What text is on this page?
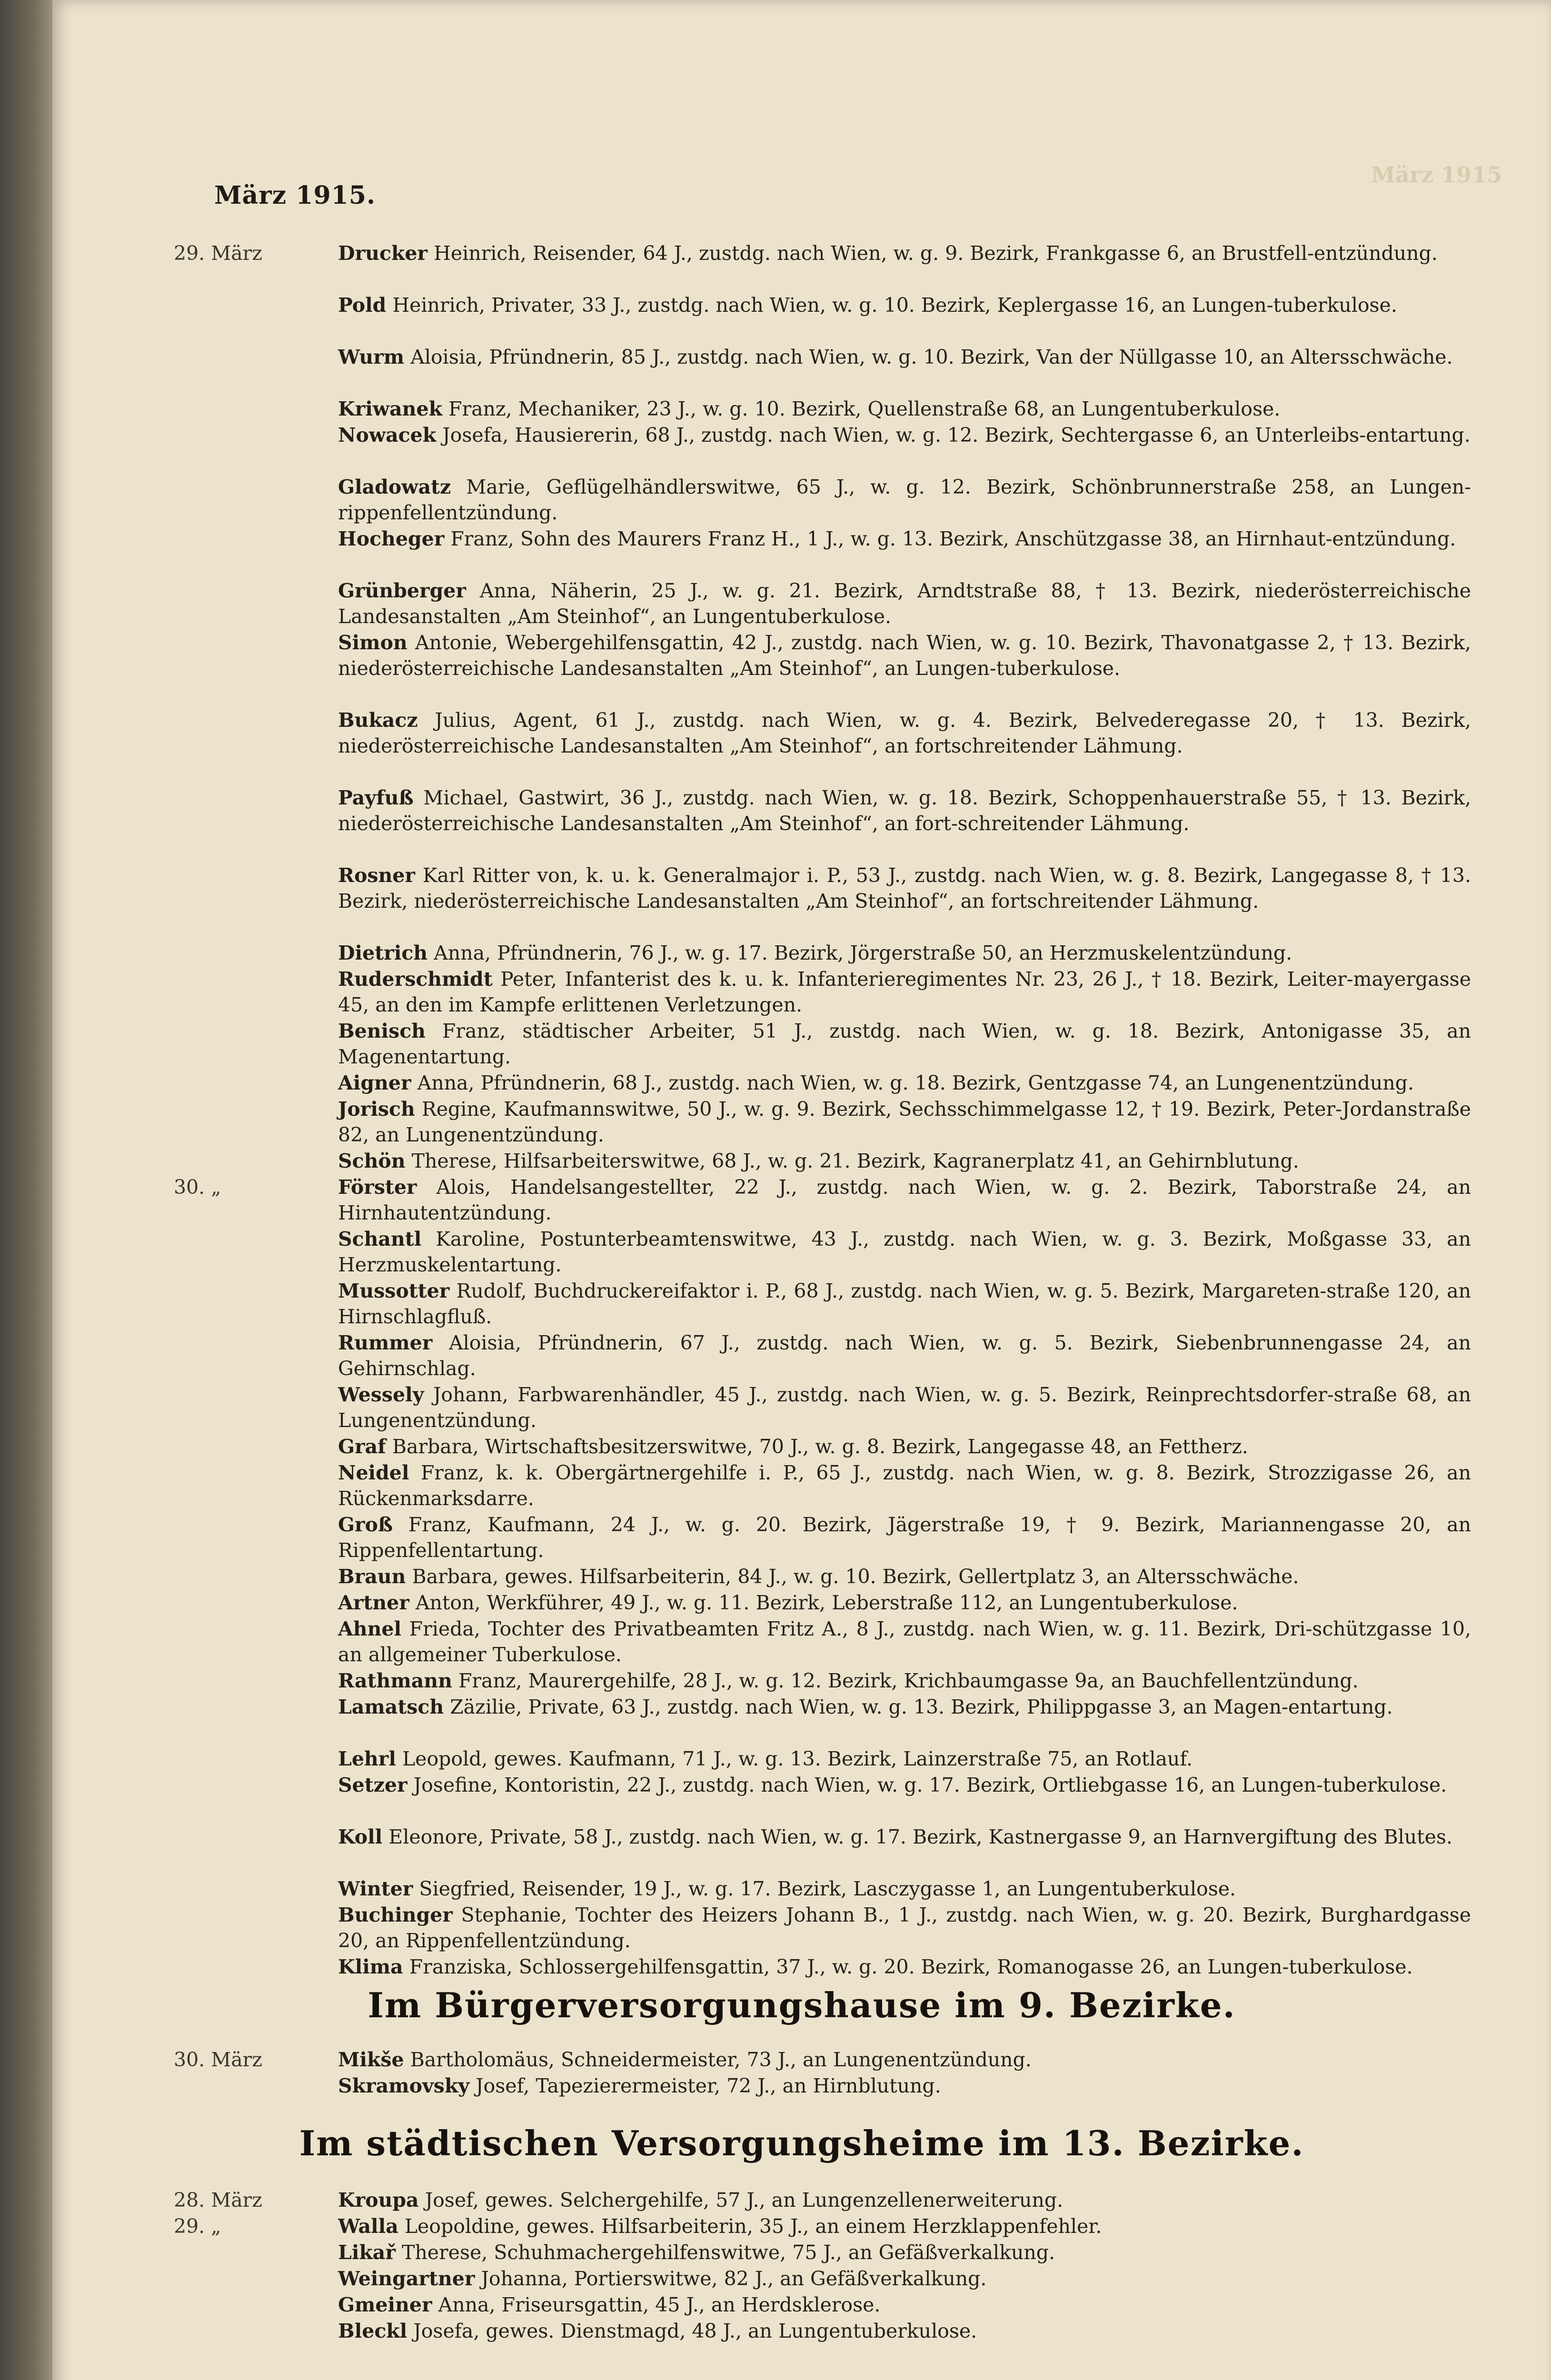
März 1915
März 1915.
29. März	Drucker Heinrich, Reisender, 64 J., zustdg. nach Wien, w. g. 9. Bezirk, Frankgasse 6, an Brustfell-entzündung.
Pold Heinrich, Privater, 33 J., zustdg. nach Wien, w. g. 10. Bezirk, Keplergasse 16, an Lungen-tuberkulose.
Wurm Aloisia, Pfründnerin, 85 J., zustdg. nach Wien, w. g. 10. Bezirk, Van der Nüllgasse 10, an Altersschwäche.
Kriwanek Franz, Mechaniker, 23 J., w. g. 10. Bezirk, Quellenstraße 68, an Lungentuberkulose.
Nowacek Josefa, Hausiererin, 68 J., zustdg. nach Wien, w. g. 12. Bezirk, Sechtergasse 6, an Unterleibs-entartung.
Gladowatz Marie, Geflügelhändlerswitwe, 65 J., w. g. 12. Bezirk, Schönbrunnerstraße 258, an Lungen-rippenfellentzündung.
Hocheger Franz, Sohn des Maurers Franz H., 1 J., w. g. 13. Bezirk, Anschützgasse 38, an Hirnhaut-entzündung.
Grünberger Anna, Näherin, 25 J., w. g. 21. Bezirk, Arndtstraße 88, † 13. Bezirk, niederösterreichische Landesanstalten „Am Steinhof“, an Lungentuberkulose.
Simon Antonie, Webergehilfensgattin, 42 J., zustdg. nach Wien, w. g. 10. Bezirk, Thavonatgasse 2, † 13. Bezirk, niederösterreichische Landesanstalten „Am Steinhof“, an Lungen-tuberkulose.
Bukacz Julius, Agent, 61 J., zustdg. nach Wien, w. g. 4. Bezirk, Belvederegasse 20, † 13. Bezirk, niederösterreichische Landesanstalten „Am Steinhof“, an fortschreitender Lähmung.
Payfuß Michael, Gastwirt, 36 J., zustdg. nach Wien, w. g. 18. Bezirk, Schoppenhauerstraße 55, † 13. Bezirk, niederösterreichische Landesanstalten „Am Steinhof“, an fort-schreitender Lähmung.
Rosner Karl Ritter von, k. u. k. Generalmajor i. P., 53 J., zustdg. nach Wien, w. g. 8. Bezirk, Langegasse 8, † 13. Bezirk, niederösterreichische Landesanstalten „Am Steinhof“, an fortschreitender Lähmung.
Dietrich Anna, Pfründnerin, 76 J., w. g. 17. Bezirk, Jörgerstraße 50, an Herzmuskelentzündung.
Ruderschmidt Peter, Infanterist des k. u. k. Infanterieregimentes Nr. 23, 26 J., † 18. Bezirk, Leiter-mayergasse 45, an den im Kampfe erlittenen Verletzungen.
Benisch Franz, städtischer Arbeiter, 51 J., zustdg. nach Wien, w. g. 18. Bezirk, Antonigasse 35, an Magenentartung.
Aigner Anna, Pfründnerin, 68 J., zustdg. nach Wien, w. g. 18. Bezirk, Gentzgasse 74, an Lungenentzündung.
Jorisch Regine, Kaufmannswitwe, 50 J., w. g. 9. Bezirk, Sechsschimmelgasse 12, † 19. Bezirk, Peter-Jordanstraße 82, an Lungenentzündung.
Schön Therese, Hilfsarbeiterswitwe, 68 J., w. g. 21. Bezirk, Kagranerplatz 41, an Gehirnblutung.
30. „	Förster Alois, Handelsangestellter, 22 J., zustdg. nach Wien, w. g. 2. Bezirk, Taborstraße 24, an Hirnhautentzündung.
Schantl Karoline, Postunterbeamtenswitwe, 43 J., zustdg. nach Wien, w. g. 3. Bezirk, Moßgasse 33, an Herzmuskelentartung.
Mussotter Rudolf, Buchdruckereifaktor i. P., 68 J., zustdg. nach Wien, w. g. 5. Bezirk, Margareten-straße 120, an Hirnschlagfluß.
Rummer Aloisia, Pfründnerin, 67 J., zustdg. nach Wien, w. g. 5. Bezirk, Siebenbrunnengasse 24, an Gehirnschlag.
Wessely Johann, Farbwarenhändler, 45 J., zustdg. nach Wien, w. g. 5. Bezirk, Reinprechtsdorfer-straße 68, an Lungenentzündung.
Graf Barbara, Wirtschaftsbesitzerswitwe, 70 J., w. g. 8. Bezirk, Langegasse 48, an Fettherz.
Neidel Franz, k. k. Obergärtnergehilfe i. P., 65 J., zustdg. nach Wien, w. g. 8. Bezirk, Strozzigasse 26, an Rückenmarksdarre.
Groß Franz, Kaufmann, 24 J., w. g. 20. Bezirk, Jägerstraße 19, † 9. Bezirk, Mariannengasse 20, an Rippenfellentartung.
Braun Barbara, gewes. Hilfsarbeiterin, 84 J., w. g. 10. Bezirk, Gellertplatz 3, an Altersschwäche.
Artner Anton, Werkführer, 49 J., w. g. 11. Bezirk, Leberstraße 112, an Lungentuberkulose.
Ahnel Frieda, Tochter des Privatbeamten Fritz A., 8 J., zustdg. nach Wien, w. g. 11. Bezirk, Dri-schützgasse 10, an allgemeiner Tuberkulose.
Rathmann Franz, Maurergehilfe, 28 J., w. g. 12. Bezirk, Krichbaumgasse 9a, an Bauchfellentzündung.
Lamatsch Zäzilie, Private, 63 J., zustdg. nach Wien, w. g. 13. Bezirk, Philippgasse 3, an Magen-entartung.
Lehrl Leopold, gewes. Kaufmann, 71 J., w. g. 13. Bezirk, Lainzerstraße 75, an Rotlauf.
Setzer Josefine, Kontoristin, 22 J., zustdg. nach Wien, w. g. 17. Bezirk, Ortliebgasse 16, an Lungen-tuberkulose.
Koll Eleonore, Private, 58 J., zustdg. nach Wien, w. g. 17. Bezirk, Kastnergasse 9, an Harnvergiftung des Blutes.
Winter Siegfried, Reisender, 19 J., w. g. 17. Bezirk, Lasczygasse 1, an Lungentuberkulose.
Buchinger Stephanie, Tochter des Heizers Johann B., 1 J., zustdg. nach Wien, w. g. 20. Bezirk, Burghardgasse 20, an Rippenfellentzündung.
Klima Franziska, Schlossergehilfensgattin, 37 J., w. g. 20. Bezirk, Romanogasse 26, an Lungen-tuberkulose.
Im Bürgerversorgungshause im 9. Bezirke.
30. März	Mikše Bartholomäus, Schneidermeister, 73 J., an Lungenentzündung.
Skramovsky Josef, Tapezierermeister, 72 J., an Hirnblutung.
Im städtischen Versorgungsheime im 13. Bezirke.
28. März	Kroupa Josef, gewes. Selchergehilfe, 57 J., an Lungenzellenerweiterung.
29. „	Walla Leopoldine, gewes. Hilfsarbeiterin, 35 J., an einem Herzklappenfehler.
Likař Therese, Schuhmachergehilfenswitwe, 75 J., an Gefäßverkalkung.
Weingartner Johanna, Portierswitwe, 82 J., an Gefäßverkalkung.
Gmeiner Anna, Friseursgattin, 45 J., an Herdsklerose.
Bleckl Josefa, gewes. Dienstmagd, 48 J., an Lungentuberkulose.
